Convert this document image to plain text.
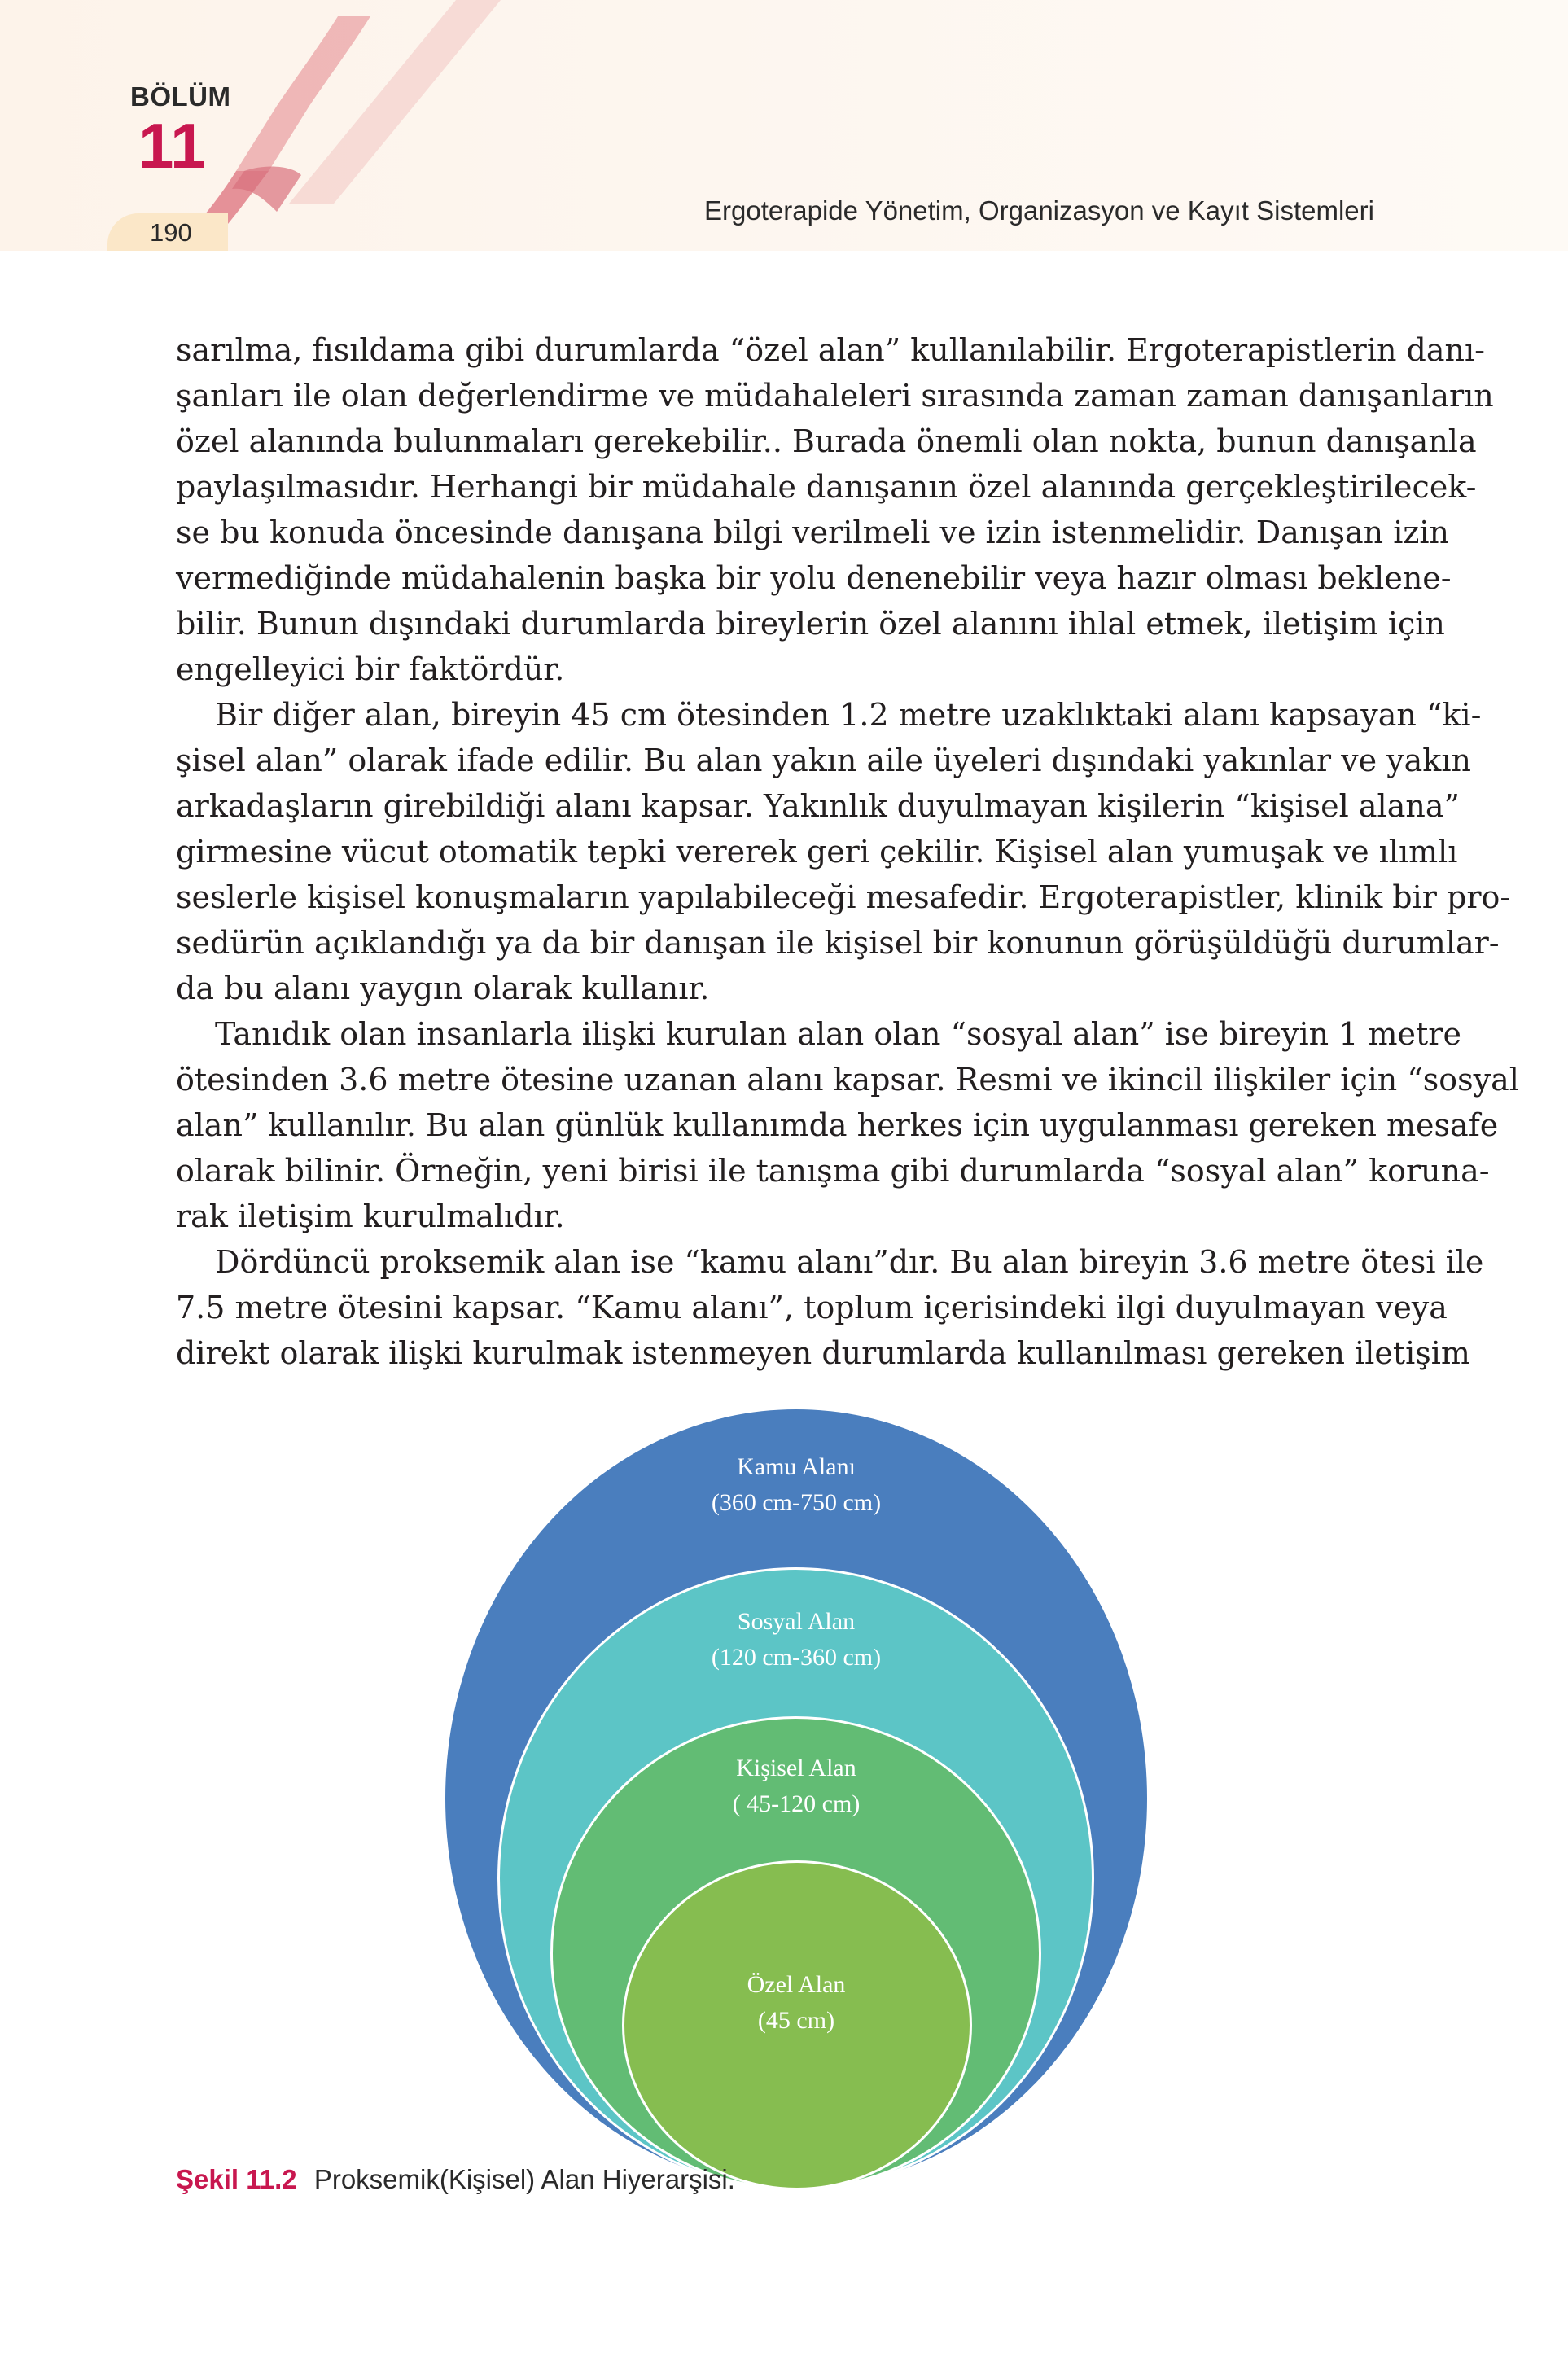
BÖLÜM
11
190
Ergoterapide Yönetim, Organizasyon ve Kayıt Sistemleri
sarılma, fısıldama gibi durumlarda “özel alan” kullanılabilir. Ergoterapistlerin danı-
şanları ile olan değerlendirme ve müdahaleleri sırasında zaman zaman danışanların
özel alanında bulunmaları gerekebilir.. Burada önemli olan nokta, bunun danışanla
paylaşılmasıdır. Herhangi bir müdahale danışanın özel alanında gerçekleştirilecek-
se bu konuda öncesinde danışana bilgi verilmeli ve izin istenmelidir. Danışan izin
vermediğinde müdahalenin başka bir yolu denenebilir veya hazır olması beklene-
bilir. Bunun dışındaki durumlarda bireylerin özel alanını ihlal etmek, iletişim için
engelleyici bir faktördür.
Bir diğer alan, bireyin 45 cm ötesinden 1.2 metre uzaklıktaki alanı kapsayan “ki-
şisel alan” olarak ifade edilir. Bu alan yakın aile üyeleri dışındaki yakınlar ve yakın
arkadaşların girebildiği alanı kapsar. Yakınlık duyulmayan kişilerin “kişisel alana”
girmesine vücut otomatik tepki vererek geri çekilir. Kişisel alan yumuşak ve ılımlı
seslerle kişisel konuşmaların yapılabileceği mesafedir. Ergoterapistler, klinik bir pro-
sedürün açıklandığı ya da bir danışan ile kişisel bir konunun görüşüldüğü durumlar-
da bu alanı yaygın olarak kullanır.
Tanıdık olan insanlarla ilişki kurulan alan olan “sosyal alan” ise bireyin 1 metre
ötesinden 3.6 metre ötesine uzanan alanı kapsar. Resmi ve ikincil ilişkiler için “sosyal
alan” kullanılır. Bu alan günlük kullanımda herkes için uygulanması gereken mesafe
olarak bilinir. Örneğin, yeni birisi ile tanışma gibi durumlarda “sosyal alan” koruna-
rak iletişim kurulmalıdır.
Dördüncü proksemik alan ise “kamu alanı”dır. Bu alan bireyin 3.6 metre ötesi ile
7.5 metre ötesini kapsar. “Kamu alanı”, toplum içerisindeki ilgi duyulmayan veya
direkt olarak ilişki kurulmak istenmeyen durumlarda kullanılması gereken iletişim
Kamu Alanı
(360 cm-750 cm)
Sosyal Alan
(120 cm-360 cm)
Kişisel Alan
( 45-120 cm)
Özel Alan
(45 cm)
Şekil 11.2 Proksemik(Kişisel) Alan Hiyerarşisi.
